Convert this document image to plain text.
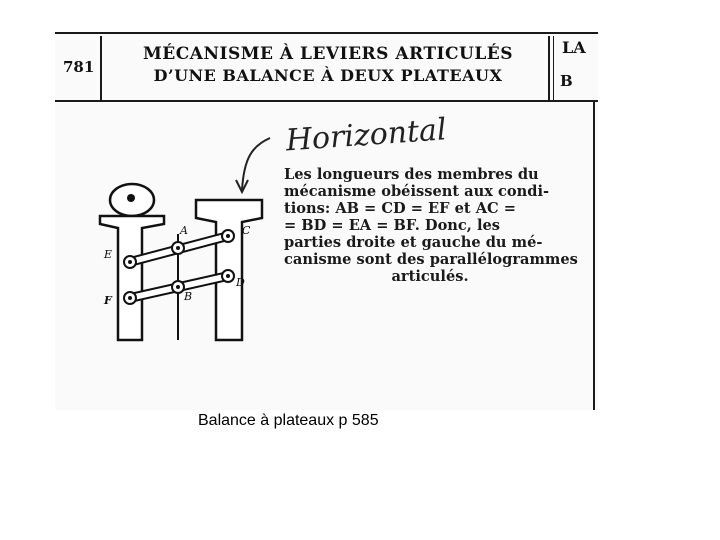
781
MÉCANISME À LEVIERS ARTICULÉS
D’UNE BALANCE À DEUX PLATEAUX
LA
B
Horizontal
Les longueurs des membres du
mécanisme obéissent aux condi-
tions: AB = CD = EF et AC =
= BD = EA = BF. Donc, les
parties droite et gauche du mé-
canisme sont des parallélogrammes
articulés.
A
B
C
D
E
F
Balance à plateaux p 585
